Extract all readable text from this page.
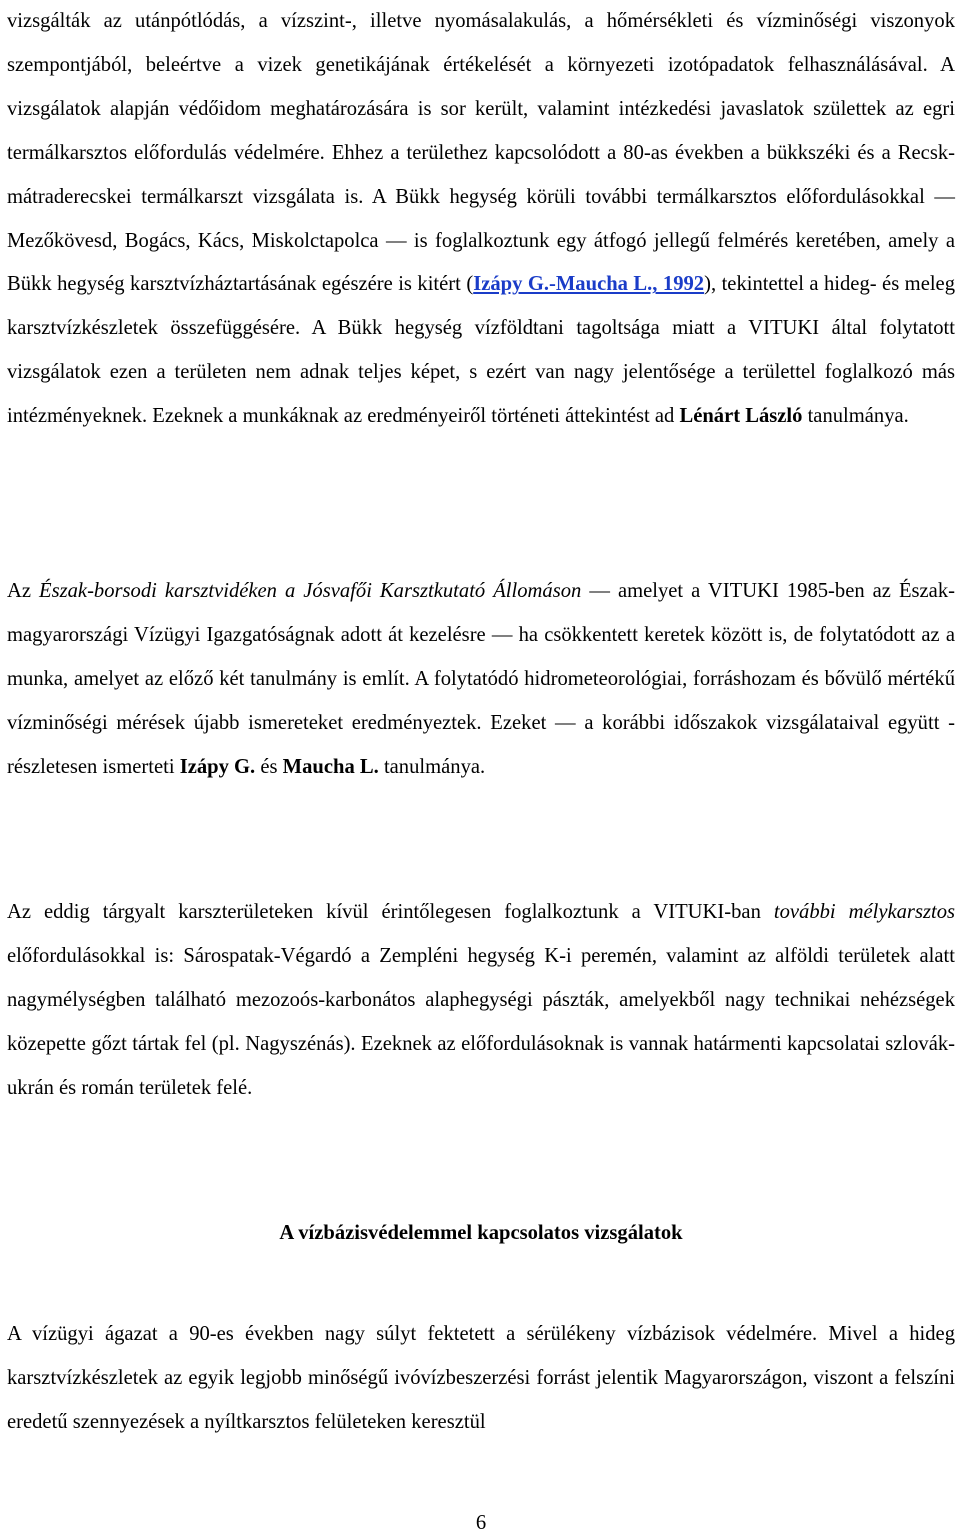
vizsgálták az utánpótlódás, a vízszint-, illetve nyomásalakulás, a hőmérsékleti és vízminőségi viszonyok szempontjából, beleértve a vizek genetikájának értékelését a környezeti izotópadatok felhasználásával. A vizsgálatok alapján védőidom meghatározására is sor került, valamint intézkedési javaslatok születtek az egri termálkarsztos előfordulás védelmére. Ehhez a területhez kapcsolódott a 80-as években a bükkszéki és a Recsk-mátraderecskei termálkarszt vizsgálata is. A Bükk hegység körüli további termálkarsztos előfordulásokkal — Mezőkövesd, Bogács, Kács, Miskolctapolca — is foglalkoztunk egy átfogó jellegű felmérés keretében, amely a Bükk hegység karsztvízháztartásának egészére is kitért (Izápy G.-Maucha L., 1992), tekintettel a hideg- és meleg karsztvízkészletek összefüggésére. A Bükk hegység vízföldtani tagoltsága miatt a VITUKI által folytatott vizsgálatok ezen a területen nem adnak teljes képet, s ezért van nagy jelentősége a területtel foglalkozó más intézményeknek. Ezeknek a munkáknak az eredményeiről történeti áttekintést ad Lénárt László tanulmánya.

Az Észak-borsodi karsztvidéken a Jósvafői Karsztkutató Állomáson — amelyet a VITUKI 1985-ben az Észak-magyarországi Vízügyi Igazgatóságnak adott át kezelésre — ha csökkentett keretek között is, de folytatódott az a munka, amelyet az előző két tanulmány is említ. A folytatódó hidrometeorológiai, forráshozam és bővülő mértékű vízminőségi mérések újabb ismereteket eredményeztek. Ezeket — a korábbi időszakok vizsgálataival együtt - részletesen ismerteti Izápy G. és Maucha L. tanulmánya.

Az eddig tárgyalt karszterületeken kívül érintőlegesen foglalkoztunk a VITUKI-ban további mélykarsztos előfordulásokkal is: Sárospatak-Végardó a Zempléni hegység K-i peremén, valamint az alföldi területek alatt nagymélységben található mezozoós-karbonátos alaphegységi pászták, amelyekből nagy technikai nehézségek közepette gőzt tártak fel (pl. Nagyszénás). Ezeknek az előfordulásoknak is vannak határmenti kapcsolatai szlovák-ukrán és román területek felé.

A vízbázisvédelemmel kapcsolatos vizsgálatok

A vízügyi ágazat a 90-es években nagy súlyt fektetett a sérülékeny vízbázisok védelmére. Mivel a hideg karsztvízkészletek az egyik legjobb minőségű ivóvízbeszerzési forrást jelentik Magyarországon, viszont a felszíni eredetű szennyezések a nyíltkarsztos felületeken keresztül

6
